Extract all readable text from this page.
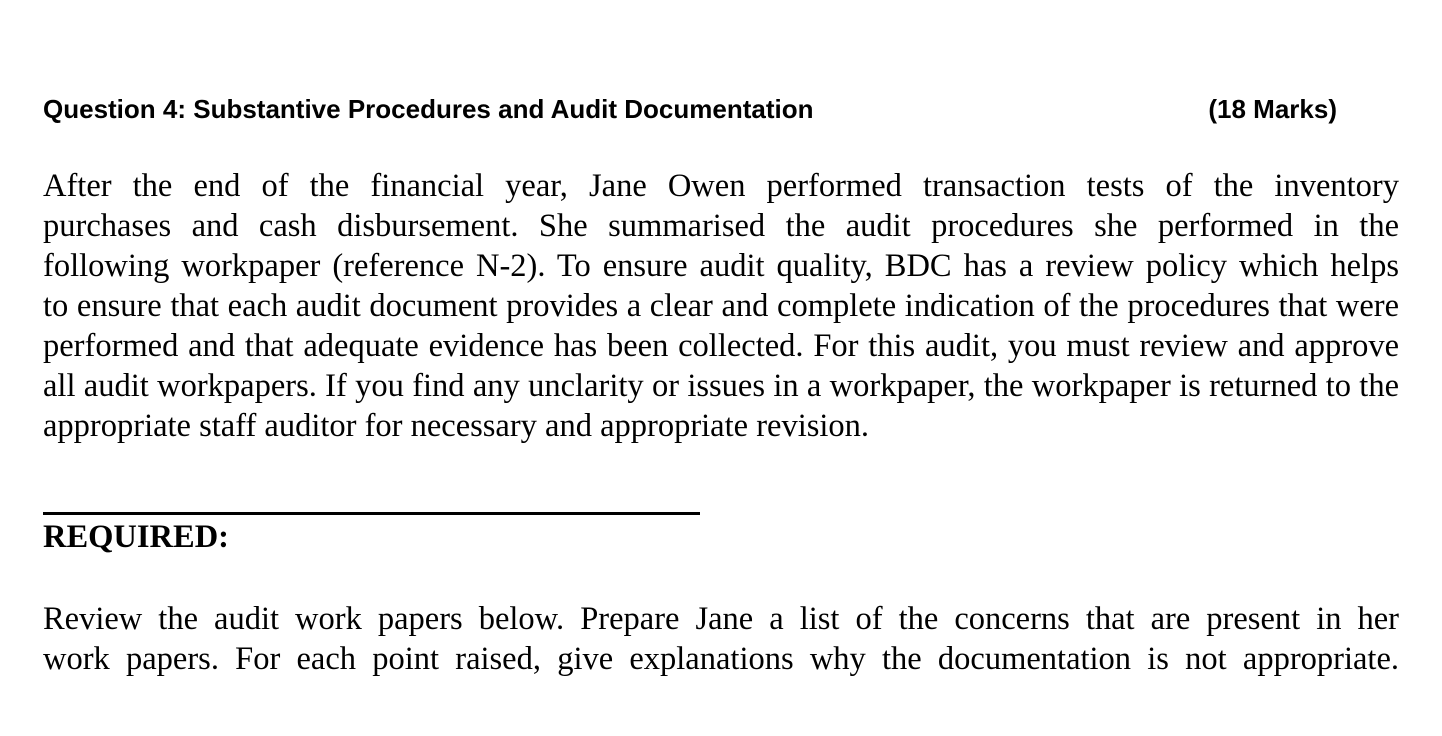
Question 4: Substantive Procedures and Audit Documentation	(18 Marks)
After the end of the financial year, Jane Owen performed transaction tests of the inventory
purchases and cash disbursement. She summarised the audit procedures she performed in the
following workpaper (reference N-2). To ensure audit quality, BDC has a review policy which helps
to ensure that each audit document provides a clear and complete indication of the procedures that were
performed and that adequate evidence has been collected. For this audit, you must review and approve
all audit workpapers. If you find any unclarity or issues in a workpaper, the workpaper is returned to the
appropriate staff auditor for necessary and appropriate revision.
REQUIRED:
Review the audit work papers below. Prepare Jane a list of the concerns that are present in her
work papers. For each point raised, give explanations why the documentation is not appropriate.
